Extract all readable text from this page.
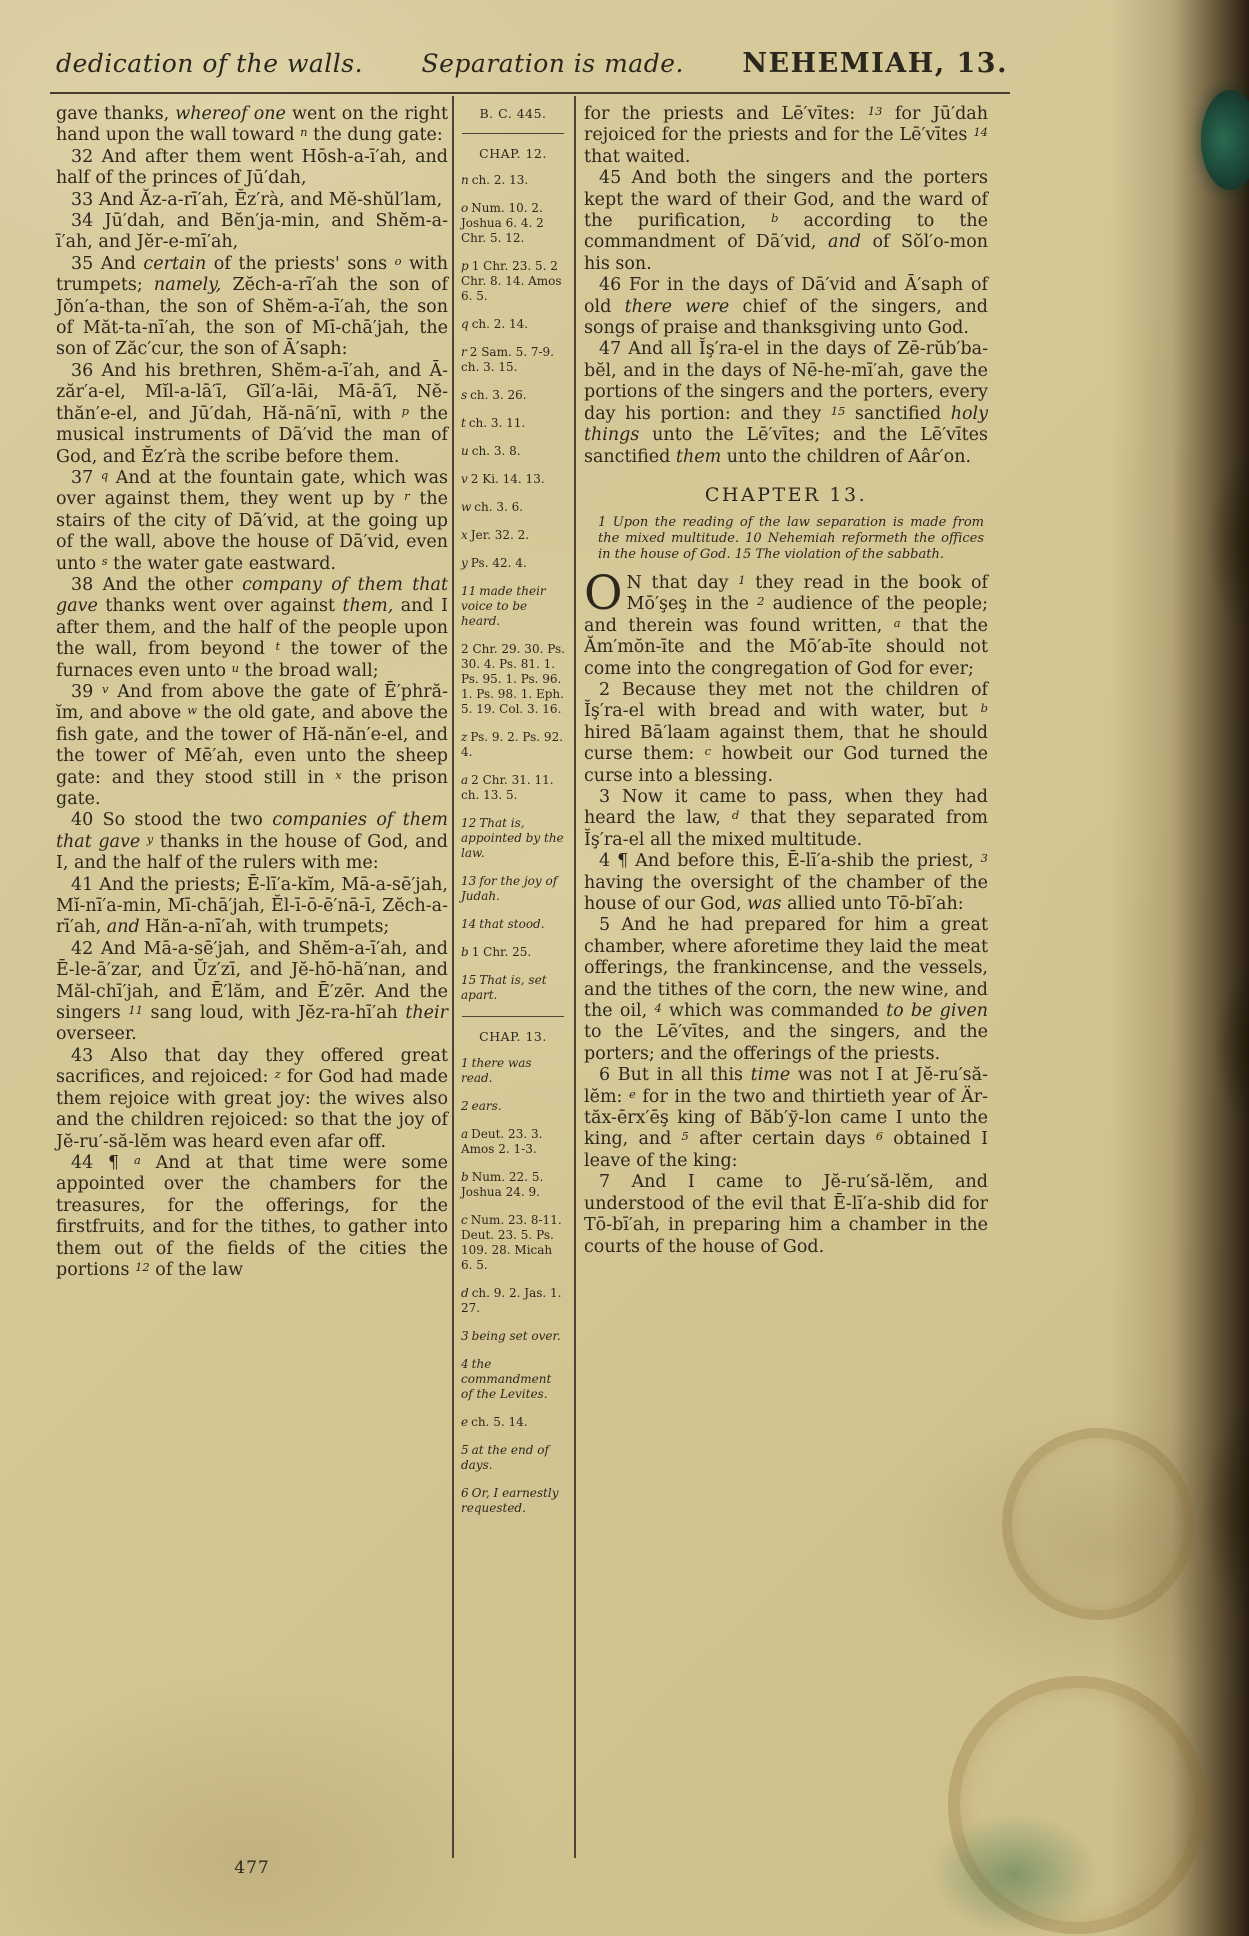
dedication of the walls. Separation is made. NEHEMIAH, 13.

gave thanks, whereof one went on the right hand upon the wall toward $^n$ the dung gate:

32 And after them went Hōsh-a-ī′ah, and half of the princes of Jū′dah,

33 And Ăz-a-rī′ah, Ĕz′rà, and Mĕ-shŭl′lam,

34 Jū′dah, and Bĕn′ja-min, and Shĕm-a-ī′ah, and Jĕr-e-mī′ah,

35 And certain of the priests' sons $^o$ with trumpets; namely, Zĕch-a-rī′ah the son of Jŏn′a-than, the son of Shĕm-a-ī′ah, the son of Măt-ta-nī′ah, the son of Mī-chā′jah, the son of Zăc′cur, the son of Ā′saph:

36 And his brethren, Shĕm-a-ī′ah, and Ā-zăr′a-el, Mĭl-a-lā′ī, Gĭl′a-lāi, Mā-ā′ī, Nĕ-thăn′e-el, and Jū′dah, Hă-nā′nī, with $^p$ the musical instruments of Dā′vid the man of God, and Ĕz′rà the scribe before them.

37 $^q$ And at the fountain gate, which was over against them, they went up by $^r$ the stairs of the city of Dā′vid, at the going up of the wall, above the house of Dā′vid, even unto $^s$ the water gate eastward.

38 And the other company of them that gave thanks went over against them, and I after them, and the half of the people upon the wall, from beyond $^t$ the tower of the furnaces even unto $^u$ the broad wall;

39 $^v$ And from above the gate of Ē′phră-ĭm, and above $^w$ the old gate, and above the fish gate, and the tower of Hă-năn′e-el, and the tower of Mē′ah, even unto the sheep gate: and they stood still in $^x$ the prison gate.

40 So stood the two companies of them that gave $^y$ thanks in the house of God, and I, and the half of the rulers with me:

41 And the priests; Ē-lī′a-kĭm, Mā-a-sē′jah, Mĭ-nī′a-min, Mī-chā′jah, Ĕl-ī-ō-ē′nā-ī, Zĕch-a-rī′ah, and Hăn-a-nī′ah, with trumpets;

42 And Mā-a-sē′jah, and Shĕm-a-ī′ah, and Ē-le-ā′zar, and Ŭz′zī, and Jĕ-hō-hā′nan, and Măl-chī′jah, and Ē′lăm, and Ē′zēr. And the singers $^{11}$ sang loud, with Jĕz-ra-hī′ah their overseer.

43 Also that day they offered great sacrifices, and rejoiced: $^z$ for God had made them rejoice with great joy: the wives also and the children rejoiced: so that the joy of Jĕ-ru′-să-lĕm was heard even afar off.

44 ¶ $^a$ And at that time were some appointed over the chambers for the treasures, for the offerings, for the firstfruits, and for the tithes, to gather into them out of the fields of the cities the portions $^{12}$ of the law

B. C. 445.
CHAP. 12.

n ch. 2. 13.

o Num. 10. 2. Joshua 6. 4. 2 Chr. 5. 12.

p 1 Chr. 23. 5. 2 Chr. 8. 14. Amos 6. 5.

q ch. 2. 14.

r 2 Sam. 5. 7-9. ch. 3. 15.

s ch. 3. 26.

t ch. 3. 11.

u ch. 3. 8.

v 2 Ki. 14. 13.

w ch. 3. 6.

x Jer. 32. 2.

y Ps. 42. 4.

11 made their voice to be heard.

2 Chr. 29. 30. Ps. 30. 4. Ps. 81. 1. Ps. 95. 1. Ps. 96. 1. Ps. 98. 1. Eph. 5. 19. Col. 3. 16.

z Ps. 9. 2. Ps. 92. 4.

a 2 Chr. 31. 11. ch. 13. 5.

12 That is, appointed by the law.

13 for the joy of Judah.

14 that stood.

b 1 Chr. 25.

15 That is, set apart.

CHAP. 13.

1 there was read.

2 ears.

a Deut. 23. 3. Amos 2. 1-3.

b Num. 22. 5. Joshua 24. 9.

c Num. 23. 8-11. Deut. 23. 5. Ps. 109. 28. Micah 6. 5.

d ch. 9. 2. Jas. 1. 27.

3 being set over.

4 the commandment of the Levites.

e ch. 5. 14.

5 at the end of days.

6 Or, I earnestly requested.

for the priests and Lē′vītes: $^{13}$ for Jū′dah rejoiced for the priests and for the Lē′vītes $^{14}$ that waited.

45 And both the singers and the porters kept the ward of their God, and the ward of the purification, $^b$ according to the commandment of Dā′vid, and of Sŏl′o-mon his son.

46 For in the days of Dā′vid and Ā′saph of old there were chief of the singers, and songs of praise and thanksgiving unto God.

47 And all Ĭş′ra-el in the days of Zē-rŭb′ba-bĕl, and in the days of Nē-he-mī′ah, gave the portions of the singers and the porters, every day his portion: and they $^{15}$ sanctified holy things unto the Lē′vītes; and the Lē′vītes sanctified them unto the children of Aâr′on.

CHAPTER 13.
1 Upon the reading of the law separation is made from the mixed multitude. 10 Nehemiah reformeth the offices in the house of God. 15 The violation of the sabbath.

O N that day $^1$ they read in the book of Mō′şeş in the $^2$ audience of the people; and therein was found written, $^a$ that the Ăm′mŏn-īte and the Mō′ab-īte should not come into the congregation of God for ever;

2 Because they met not the children of Ĭş′ra-el with bread and with water, but $^b$ hired Bā′laam against them, that he should curse them: $^c$ howbeit our God turned the curse into a blessing.

3 Now it came to pass, when they had heard the law, $^d$ that they separated from Ĭş′ra-el all the mixed multitude.

4 ¶ And before this, Ē-lī′a-shib the priest, $^3$ having the oversight of the chamber of the house of our God, was allied unto Tō-bī′ah:

5 And he had prepared for him a great chamber, where aforetime they laid the meat offerings, the frankincense, and the vessels, and the tithes of the corn, the new wine, and the oil, $^4$ which was commanded to be given to the Lē′vītes, and the singers, and the porters; and the offerings of the priests.

6 But in all this time was not I at Jĕ-ru′să-lĕm: $^e$ for in the two and thirtieth year of Är-tăx-ērx′ēş king of Băb′ў-lon came I unto the king, and $^5$ after certain days $^6$ obtained I leave of the king:

7 And I came to Jĕ-ru′să-lĕm, and understood of the evil that Ē-lī′a-shib did for Tō-bī′ah, in preparing him a chamber in the courts of the house of God.

477
